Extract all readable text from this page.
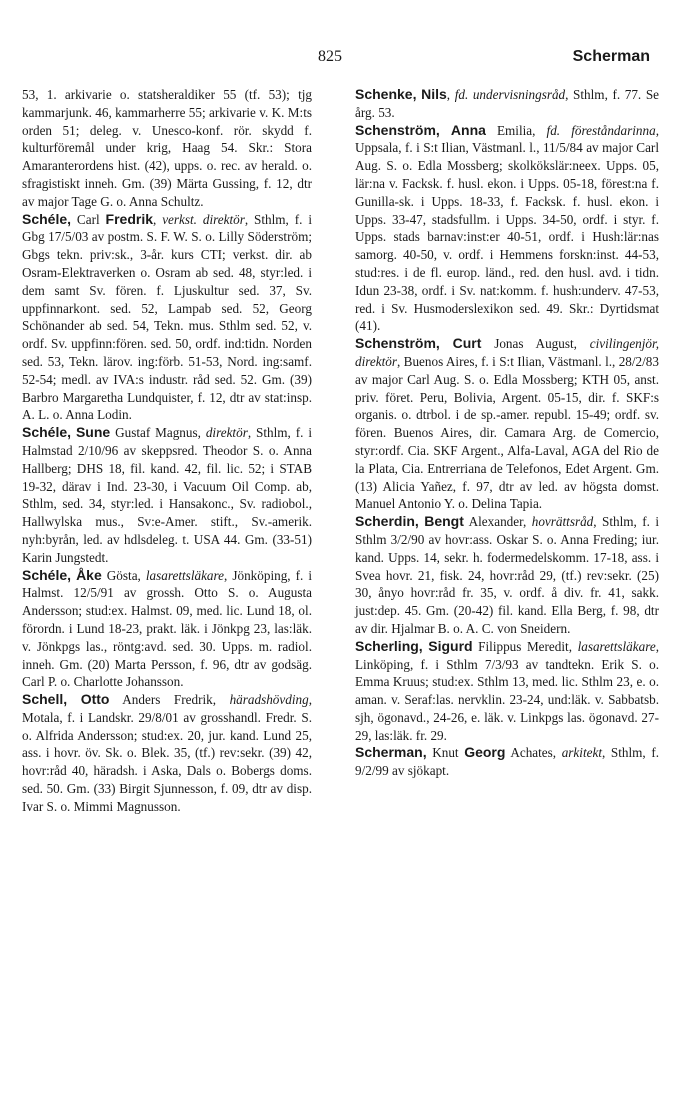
825	Scherman

53, 1. arkivarie o. statsheraldiker 55 (tf. 53); tjg kammarjunk. 46, kammarherre 55; arkivarie v. K. M:ts orden 51; deleg. v. Unesco-konf. rör. skydd f. kulturföremål under krig, Haag 54. Skr.: Stora Amaranterordens hist. (42), upps. o. rec. av herald. o. sfragistiskt inneh. Gm. (39) Märta Gussing, f. 12, dtr av major Tage G. o. Anna Schultz.

Schéle, Carl Fredrik, verkst. direktör, Sthlm, f. i Gbg 17/5/03 av postm. S. F. W. S. o. Lilly Söderström; Gbgs tekn. priv:sk., 3-år. kurs CTI; verkst. dir. ab Osram-Elektraverken o. Osram ab sed. 48, styr:led. i dem samt Sv. fören. f. Ljuskultur sed. 37, Sv. uppfinnarkont. sed. 52, Lampab sed. 52, Georg Schönander ab sed. 54, Tekn. mus. Sthlm sed. 52, v. ordf. Sv. uppfinn:fören. sed. 50, ordf. ind:tidn. Norden sed. 53, Tekn. lärov. ing:förb. 51-53, Nord. ing:samf. 52-54; medl. av IVA:s industr. råd sed. 52. Gm. (39) Barbro Margaretha Lundquister, f. 12, dtr av stat:insp. A. L. o. Anna Lodin.

Schéle, Sune Gustaf Magnus, direktör, Sthlm, f. i Halmstad 2/10/96 av skeppsred. Theodor S. o. Anna Hallberg; DHS 18, fil. kand. 42, fil. lic. 52; i STAB 19-32, därav i Ind. 23-30, i Vacuum Oil Comp. ab, Sthlm, sed. 34, styr:led. i Hansakonc., Sv. radiobol., Hallwylska mus., Sv:e-Amer. stift., Sv.-amerik. nyh:byrån, led. av hdlsdeleg. t. USA 44. Gm. (33-51) Karin Jungstedt.

Schéle, Åke Gösta, lasarettsläkare, Jönköping, f. i Halmst. 12/5/91 av grossh. Otto S. o. Augusta Andersson; stud:ex. Halmst. 09, med. lic. Lund 18, ol. förordn. i Lund 18-23, prakt. läk. i Jönkpg 23, las:läk. v. Jönkpgs las., röntg:avd. sed. 30. Upps. m. radiol. inneh. Gm. (20) Marta Persson, f. 96, dtr av godsäg. Carl P. o. Charlotte Johansson.

Schell, Otto Anders Fredrik, häradshövding, Motala, f. i Landskr. 29/8/01 av grosshandl. Fredr. S. o. Alfrida Andersson; stud:ex. 20, jur. kand. Lund 25, ass. i hovr. öv. Sk. o. Blek. 35, (tf.) rev:sekr. (39) 42, hovr:råd 40, häradsh. i Aska, Dals o. Bobergs doms. sed. 50. Gm. (33) Birgit Sjunnesson, f. 09, dtr av disp. Ivar S. o. Mimmi Magnusson.

Schenke, Nils, fd. undervisningsråd, Sthlm, f. 77. Se årg. 53.

Schenström, Anna Emilia, fd. föreståndarinna, Uppsala, f. i S:t Ilian, Västmanl. l., 11/5/84 av major Carl Aug. S. o. Edla Mossberg; skolkökslär:neex. Upps. 05, lär:na v. Facksk. f. husl. ekon. i Upps. 05-18, förest:na f. Gunilla-sk. i Upps. 18-33, f. Facksk. f. husl. ekon. i Upps. 33-47, stadsfullm. i Upps. 34-50, ordf. i styr. f. Upps. stads barnav:inst:er 40-51, ordf. i Hush:lär:nas samorg. 40-50, v. ordf. i Hemmens forskn:inst. 44-53, stud:res. i de fl. europ. länd., red. den husl. avd. i tidn. Idun 23-38, ordf. i Sv. nat:komm. f. hush:underv. 47-53, red. i Sv. Husmoderslexikon sed. 49. Skr.: Dyrtidsmat (41).

Schenström, Curt Jonas August, civilingenjör, direktör, Buenos Aires, f. i S:t Ilian, Västmanl. l., 28/2/83 av major Carl Aug. S. o. Edla Mossberg; KTH 05, anst. priv. föret. Peru, Bolivia, Argent. 05-15, dir. f. SKF:s organis. o. dtrbol. i de sp.-amer. republ. 15-49; ordf. sv. fören. Buenos Aires, dir. Camara Arg. de Comercio, styr:ordf. Cia. SKF Argent., Alfa-Laval, AGA del Rio de la Plata, Cia. Entrerriana de Telefonos, Edet Argent. Gm. (13) Alicia Yañez, f. 97, dtr av led. av högsta domst. Manuel Antonio Y. o. Delina Tapia.

Scherdin, Bengt Alexander, hovrättsråd, Sthlm, f. i Sthlm 3/2/90 av hovr:ass. Oskar S. o. Anna Freding; iur. kand. Upps. 14, sekr. h. fodermedelskomm. 17-18, ass. i Svea hovr. 21, fisk. 24, hovr:råd 29, (tf.) rev:sekr. (25) 30, ånyo hovr:råd fr. 35, v. ordf. å div. fr. 41, sakk. just:dep. 45. Gm. (20-42) fil. kand. Ella Berg, f. 98, dtr av dir. Hjalmar B. o. A. C. von Sneidern.

Scherling, Sigurd Filippus Meredit, lasarettsläkare, Linköping, f. i Sthlm 7/3/93 av tandtekn. Erik S. o. Emma Kruus; stud:ex. Sthlm 13, med. lic. Sthlm 23, e. o. aman. v. Seraf:las. nervklin. 23-24, und:läk. v. Sabbatsb. sjh, ögonavd., 24-26, e. läk. v. Linkpgs las. ögonavd. 27-29, las:läk. fr. 29.

Scherman, Knut Georg Achates, arkitekt, Sthlm, f. 9/2/99 av sjökapt.
